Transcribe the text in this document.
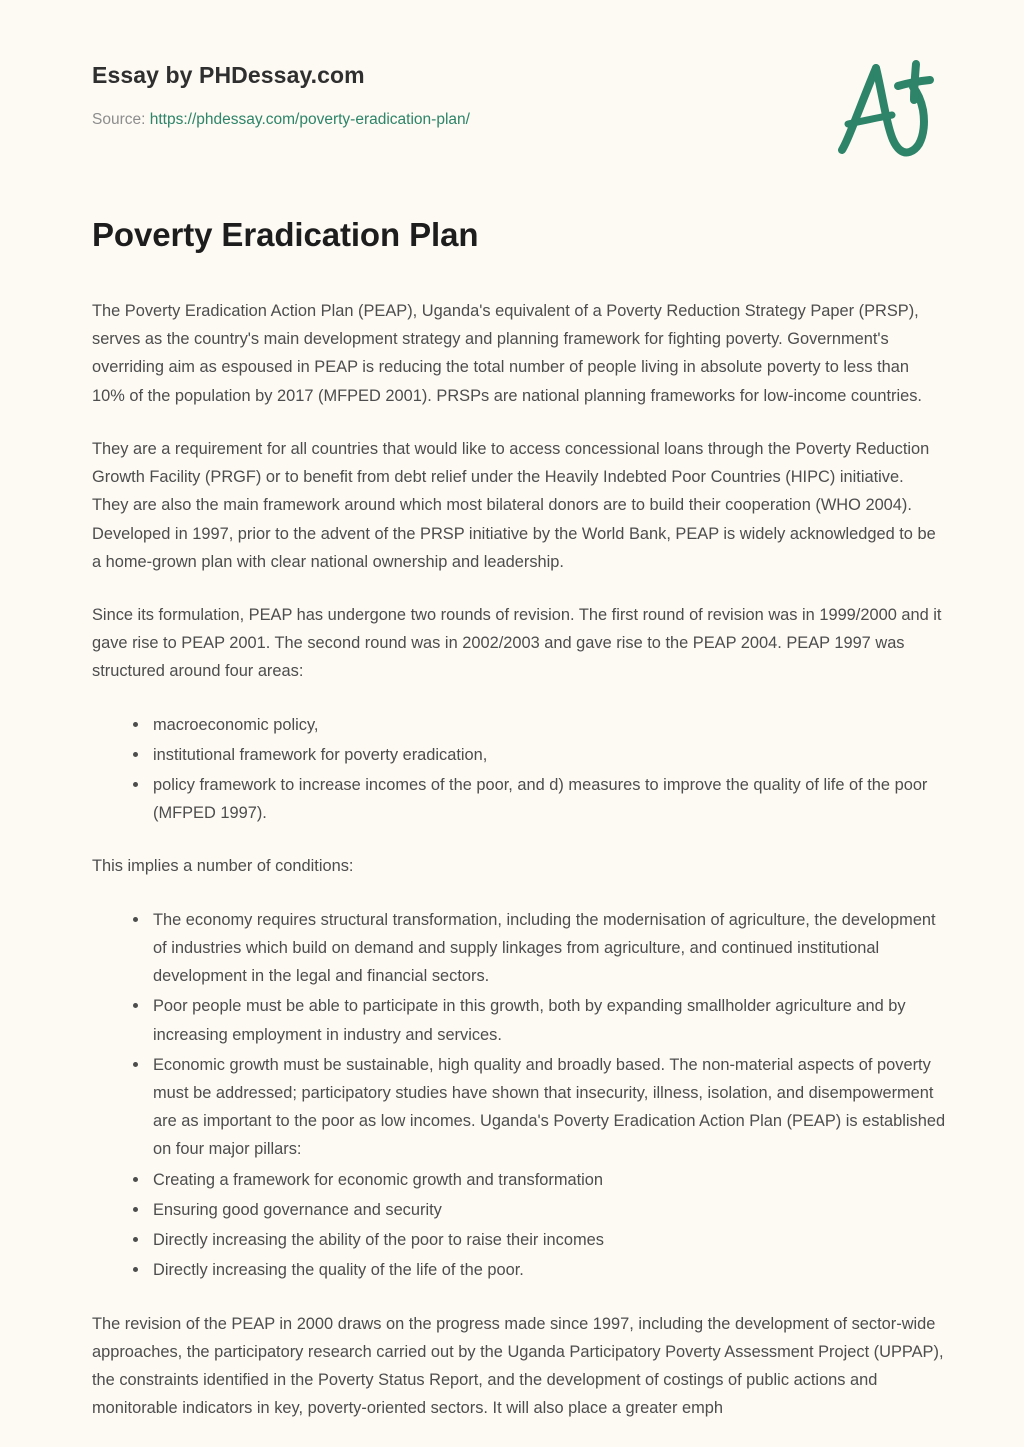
Essay by PHDessay.com
Source: https://phdessay.com/poverty-eradication-plan/
Poverty Eradication Plan

The Poverty Eradication Action Plan (PEAP), Uganda's equivalent of a Poverty Reduction Strategy Paper (PRSP), serves as the country's main development strategy and planning framework for fighting poverty. Government's overriding aim as espoused in PEAP is reducing the total number of people living in absolute poverty to less than 10% of the population by 2017 (MFPED 2001). PRSPs are national planning frameworks for low-income countries.

They are a requirement for all countries that would like to access concessional loans through the Poverty Reduction Growth Facility (PRGF) or to benefit from debt relief under the Heavily Indebted Poor Countries (HIPC) initiative. They are also the main framework around which most bilateral donors are to build their cooperation (WHO 2004). Developed in 1997, prior to the advent of the PRSP initiative by the World Bank, PEAP is widely acknowledged to be a home-grown plan with clear national ownership and leadership.

Since its formulation, PEAP has undergone two rounds of revision. The first round of revision was in 1999/2000 and it gave rise to PEAP 2001. The second round was in 2002/2003 and gave rise to the PEAP 2004. PEAP 1997 was structured around four areas:

macroeconomic policy,
institutional framework for poverty eradication,
policy framework to increase incomes of the poor, and d) measures to improve the quality of life of the poor (MFPED 1997).

This implies a number of conditions:

The economy requires structural transformation, including the modernisation of agriculture, the development of industries which build on demand and supply linkages from agriculture, and continued institutional development in the legal and financial sectors.
Poor people must be able to participate in this growth, both by expanding smallholder agriculture and by increasing employment in industry and services.
Economic growth must be sustainable, high quality and broadly based. The non-material aspects of poverty must be addressed; participatory studies have shown that insecurity, illness, isolation, and disempowerment are as important to the poor as low incomes. Uganda's Poverty Eradication Action Plan (PEAP) is established on four major pillars:
Creating a framework for economic growth and transformation
Ensuring good governance and security
Directly increasing the ability of the poor to raise their incomes
Directly increasing the quality of the life of the poor.

The revision of the PEAP in 2000 draws on the progress made since 1997, including the development of sector-wide approaches, the participatory research carried out by the Uganda Participatory Poverty Assessment Project (UPPAP), the constraints identified in the Poverty Status Report, and the development of costings of public actions and monitorable indicators in key, poverty-oriented sectors. It will also place a greater emph
